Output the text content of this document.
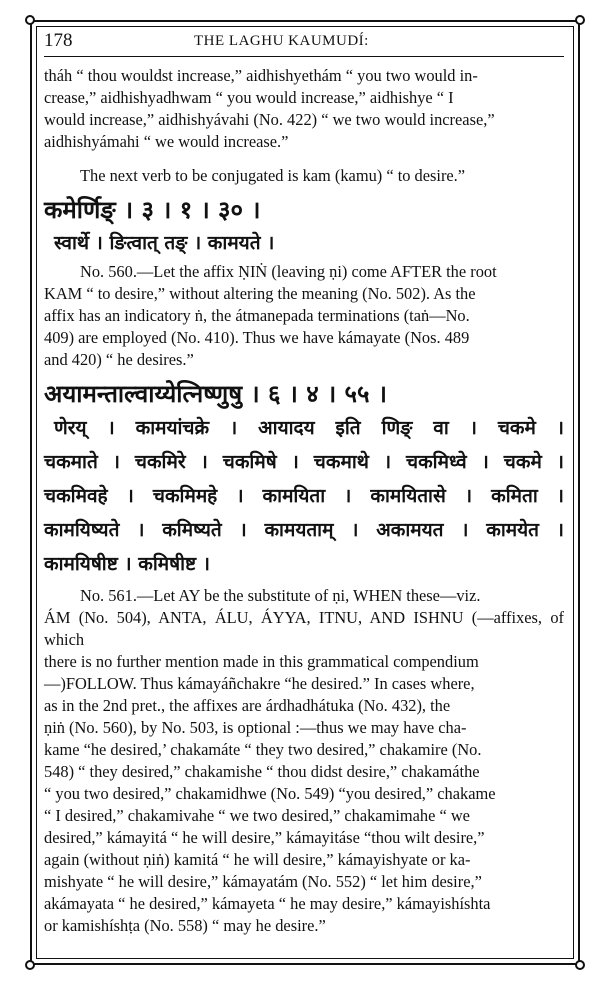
178	THE LAGHU KAUMUDÍ:

tháh “ thou wouldst increase,” aidhishyethám “ you two would in-

crease,” aidhishyadhwam “ you would increase,” aidhishye “ I

would increase,” aidhishyávahi (No. 422) “ we two would increase,”

aidhishyámahi “ we would increase.”

The next verb to be conjugated is kam (kamu) “ to desire.”

कमेर्णिङ् । ३ । १ । ३० ।

स्वार्थे । ङित्वात् तङ् । कामयते ।

No. 560.—Let the affix ṆIṄ (leaving ṇi) come AFTER the root

KAM “ to desire,” without altering the meaning (No. 502). As the

affix has an indicatory ṅ, the átmanepada terminations (taṅ—No.

409) are employed (No. 410). Thus we have kámayate (Nos. 489

and 420) “ he desires.”

अयामन्ताल्वाय्येत्निष्णुषु । ६ । ४ । ५५ ।

णेरय् । कामयांचक्रे । आयादय इति णिङ् वा । चकमे ।

चकमाते । चकमिरे । चकमिषे । चकमाथे । चकमिध्वे । चकमे ।

चकमिवहे । चकमिमहे । कामयिता । कामयितासे । कमिता ।

कामयिष्यते । कमिष्यते । कामयताम् । अकामयत । कामयेत ।

कामयिषीष्ट । कमिषीष्ट ।

No. 561.—Let AY be the substitute of ṇi, WHEN these—viz.

ÁM (No. 504), ANTA, ÁLU, ÁYYA, ITNU, AND ISHNU (—affixes, of which

there is no further mention made in this grammatical compendium

—)FOLLOW. Thus kámayáñchakre “he desired.” In cases where,

as in the 2nd pret., the affixes are árdhadhátuka (No. 432), the

ṇiṅ (No. 560), by No. 503, is optional :—thus we may have cha-

kame “he desired,’ chakamáte “ they two desired,” chakamire (No.

548) “ they desired,” chakamishe “ thou didst desire,” chakamáthe

“ you two desired,” chakamidhwe (No. 549) “you desired,” chakame

“ I desired,” chakamivahe “ we two desired,” chakamimahe “ we

desired,” kámayitá “ he will desire,” kámayitáse “thou wilt desire,”

again (without ṇiṅ) kamitá “ he will desire,” kámayishyate or ka-

mishyate “ he will desire,” kámayatám (No. 552) “ let him desire,”

akámayata “ he desired,” kámayeta “ he may desire,” kámayishíshta

or kamishíshṭa (No. 558) “ may he desire.”
